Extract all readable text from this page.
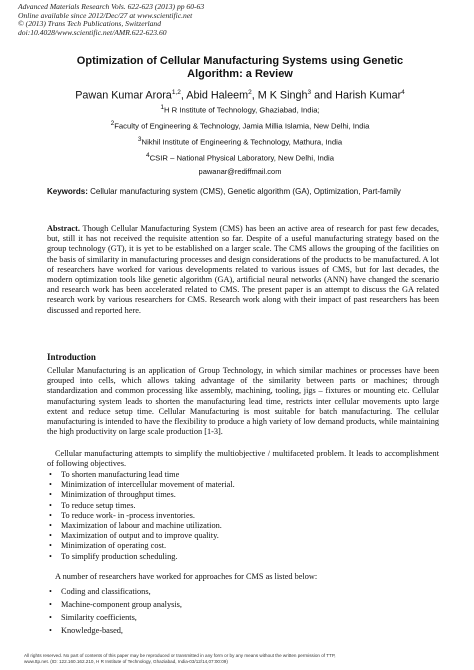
Advanced Materials Research Vols. 622-623 (2013) pp 60-63
Online available since 2012/Dec/27 at www.scientific.net
© (2013) Trans Tech Publications, Switzerland
doi:10.4028/www.scientific.net/AMR.622-623.60
Optimization of Cellular Manufacturing Systems using Genetic
Algorithm: a Review
Pawan Kumar Arora$^{1,2}$, Abid Haleem$^2$, M K Singh$^3$ and Harish Kumar$^4$
$^1$H R Institute of Technology, Ghaziabad, India;
$^2$Faculty of Engineering & Technology, Jamia Millia Islamia, New Delhi, India
$^3$Nikhil Institute of Engineering & Technology, Mathura, India
$^4$CSIR – National Physical Laboratory, New Delhi, India
pawanar@rediffmail.com
Keywords: Cellular manufacturing system (CMS), Genetic algorithm (GA), Optimization, Part-family
Abstract. Though Cellular Manufacturing System (CMS) has been an active area of research for past few decades, but, still it has not received the requisite attention so far. Despite of a useful manufacturing strategy based on the group technology (GT), it is yet to be established on a larger scale. The CMS allows the grouping of the facilities on the basis of similarity in manufacturing processes and design considerations of the products to be manufactured. A lot of researchers have worked for various developments related to various issues of CMS, but for last decades, the modern optimization tools like genetic algorithm (GA), artificial neural networks (ANN) have changed the scenario and research work has been accelerated related to CMS. The present paper is an attempt to discuss the GA related research work by various researchers for CMS. Research work along with their impact of past researchers has been discussed and reported here.
Introduction
Cellular Manufacturing is an application of Group Technology, in which similar machines or processes have been grouped into cells, which allows taking advantage of the similarity between parts or machines; through standardization and common processing like assembly, machining, tooling, jigs – fixtures or mounting etc. Cellular manufacturing system leads to shorten the manufacturing lead time, restricts inter cellular movements upto large extent and reduce setup time. Cellular Manufacturing is most suitable for batch manufacturing. The cellular manufacturing is intended to have the flexibility to produce a high variety of low demand products, while maintaining the high productivity on large scale production [1-3].
Cellular manufacturing attempts to simplify the multiobjective / multifaceted problem. It leads to accomplishment of following objectives.
• To shorten manufacturing lead time
• Minimization of intercellular movement of material.
• Minimization of throughput times.
• To reduce setup times.
• To reduce work- in -process inventories.
• Maximization of labour and machine utilization.
• Maximization of output and to improve quality.
• Minimization of operating cost.
• To simplify production scheduling.
A number of researchers have worked for approaches for CMS as listed below:
• Coding and classifications,
• Machine-component group analysis,
• Similarity coefficients,
• Knowledge-based,
All rights reserved. No part of contents of this paper may be reproduced or transmitted in any form or by any means without the written permission of TTP,
www.ttp.net. (ID: 122.160.162.210, H R Institute of Technology, Ghaziabad, India-03/12/14,07:00:09)
